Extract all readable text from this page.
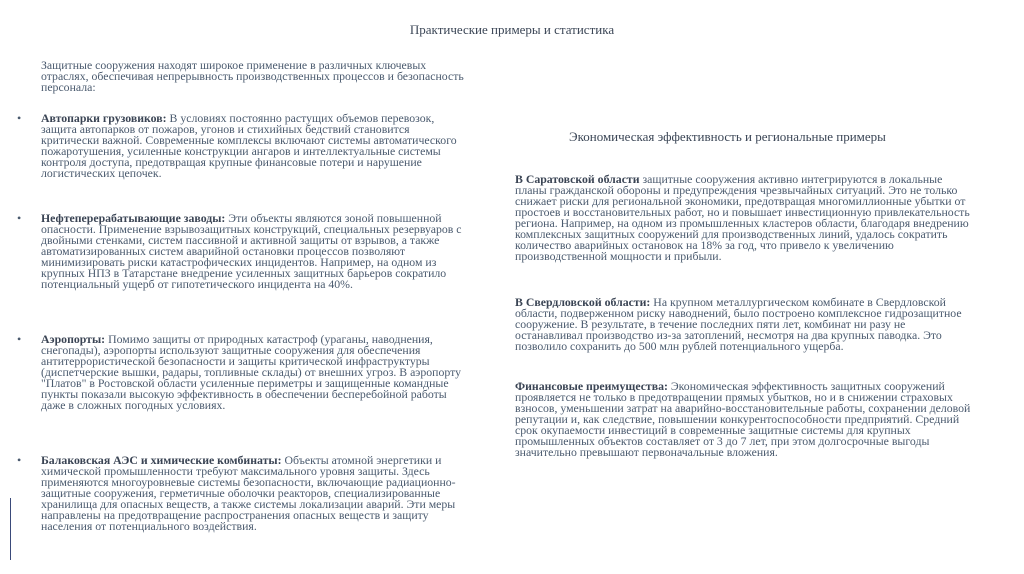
Практические примеры и статистика
Защитные сооружения находят широкое применение в различных ключевых отраслях, обеспечивая непрерывность производственных процессов и безопасность персонала:
• Автопарки грузовиков: В условиях постоянно растущих объемов перевозок, защита автопарков от пожаров, угонов и стихийных бедствий становится критически важной. Современные комплексы включают системы автоматического пожаротушения, усиленные конструкции ангаров и интеллектуальные системы контроля доступа, предотвращая крупные финансовые потери и нарушение логистических цепочек.
• Нефтеперерабатывающие заводы: Эти объекты являются зоной повышенной опасности. Применение взрывозащитных конструкций, специальных резервуаров с двойными стенками, систем пассивной и активной защиты от взрывов, а также автоматизированных систем аварийной остановки процессов позволяют минимизировать риски катастрофических инцидентов. Например, на одном из крупных НПЗ в Татарстане внедрение усиленных защитных барьеров сократило потенциальный ущерб от гипотетического инцидента на 40%.
• Аэропорты: Помимо защиты от природных катастроф (ураганы, наводнения, снегопады), аэропорты используют защитные сооружения для обеспечения антитеррористической безопасности и защиты критической инфраструктуры (диспетчерские вышки, радары, топливные склады) от внешних угроз. В аэропорту "Платов" в Ростовской области усиленные периметры и защищенные командные пункты показали высокую эффективность в обеспечении бесперебойной работы даже в сложных погодных условиях.
• Балаковская АЭС и химические комбинаты: Объекты атомной энергетики и химической промышленности требуют максимального уровня защиты. Здесь применяются многоуровневые системы безопасности, включающие радиационно-защитные сооружения, герметичные оболочки реакторов, специализированные хранилища для опасных веществ, а также системы локализации аварий. Эти меры направлены на предотвращение распространения опасных веществ и защиту населения от потенциального воздействия.
Экономическая эффективность и региональные примеры
В Саратовской области защитные сооружения активно интегрируются в локальные планы гражданской обороны и предупреждения чрезвычайных ситуаций. Это не только снижает риски для региональной экономики, предотвращая многомиллионные убытки от простоев и восстановительных работ, но и повышает инвестиционную привлекательность региона. Например, на одном из промышленных кластеров области, благодаря внедрению комплексных защитных сооружений для производственных линий, удалось сократить количество аварийных остановок на 18% за год, что привело к увеличению производственной мощности и прибыли.
В Свердловской области: На крупном металлургическом комбинате в Свердловской области, подверженном риску наводнений, было построено комплексное гидрозащитное сооружение. В результате, в течение последних пяти лет, комбинат ни разу не останавливал производство из-за затоплений, несмотря на два крупных паводка. Это позволило сохранить до 500 млн рублей потенциального ущерба.
Финансовые преимущества: Экономическая эффективность защитных сооружений проявляется не только в предотвращении прямых убытков, но и в снижении страховых взносов, уменьшении затрат на аварийно-восстановительные работы, сохранении деловой репутации и, как следствие, повышении конкурентоспособности предприятий. Средний срок окупаемости инвестиций в современные защитные системы для крупных промышленных объектов составляет от 3 до 7 лет, при этом долгосрочные выгоды значительно превышают первоначальные вложения.
